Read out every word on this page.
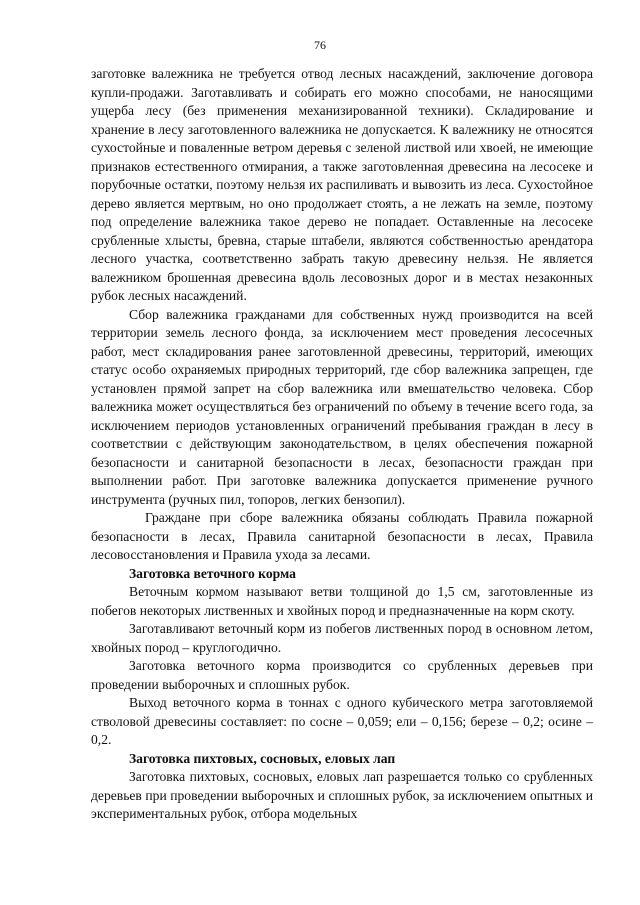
76

заготовке валежника не требуется отвод лесных насаждений, заключение договора купли-продажи. Заготавливать и собирать его можно способами, не наносящими ущерба лесу (без применения механизированной техники). Складирование и хранение в лесу заготовленного валежника не допускается. К валежнику не относятся сухостойные и поваленные ветром деревья с зеленой листвой или хвоей, не имеющие признаков естественного отмирания, а также заготовленная древесина на лесосеке и порубочные остатки, поэтому нельзя их распиливать и вывозить из леса. Сухостойное дерево является мертвым, но оно продолжает стоять, а не лежать на земле, поэтому под определение валежника такое дерево не попадает. Оставленные на лесосеке срубленные хлысты, бревна, старые штабели, являются собственностью арендатора лесного участка, соответственно забрать такую древесину нельзя. Не является валежником брошенная древесина вдоль лесовозных дорог и в местах незаконных рубок лесных насаждений.

Сбор валежника гражданами для собственных нужд производится на всей территории земель лесного фонда, за исключением мест проведения лесосечных работ, мест складирования ранее заготовленной древесины, территорий, имеющих статус особо охраняемых природных территорий, где сбор валежника запрещен, где установлен прямой запрет на сбор валежника или вмешательство человека. Сбор валежника может осуществляться без ограничений по объему в течение всего года, за исключением периодов установленных ограничений пребывания граждан в лесу в соответствии с действующим законодательством, в целях обеспечения пожарной безопасности и санитарной безопасности в лесах, безопасности граждан при выполнении работ. При заготовке валежника допускается применение ручного инструмента (ручных пил, топоров, легких бензопил).

Граждане при сборе валежника обязаны соблюдать Правила пожарной безопасности в лесах, Правила санитарной безопасности в лесах, Правила лесовосстановления и Правила ухода за лесами.

Заготовка веточного корма

Веточным кормом называют ветви толщиной до 1,5 см, заготовленные из побегов некоторых лиственных и хвойных пород и предназначенные на корм скоту.

Заготавливают веточный корм из побегов лиственных пород в основном летом, хвойных пород – круглогодично.

Заготовка веточного корма производится со срубленных деревьев при проведении выборочных и сплошных рубок.

Выход веточного корма в тоннах с одного кубического метра заготовляемой стволовой древесины составляет: по сосне – 0,059; ели – 0,156; березе – 0,2; осине – 0,2.

Заготовка пихтовых, сосновых, еловых лап

Заготовка пихтовых, сосновых, еловых лап разрешается только со срубленных деревьев при проведении выборочных и сплошных рубок, за исключением опытных и экспериментальных рубок, отбора модельных
